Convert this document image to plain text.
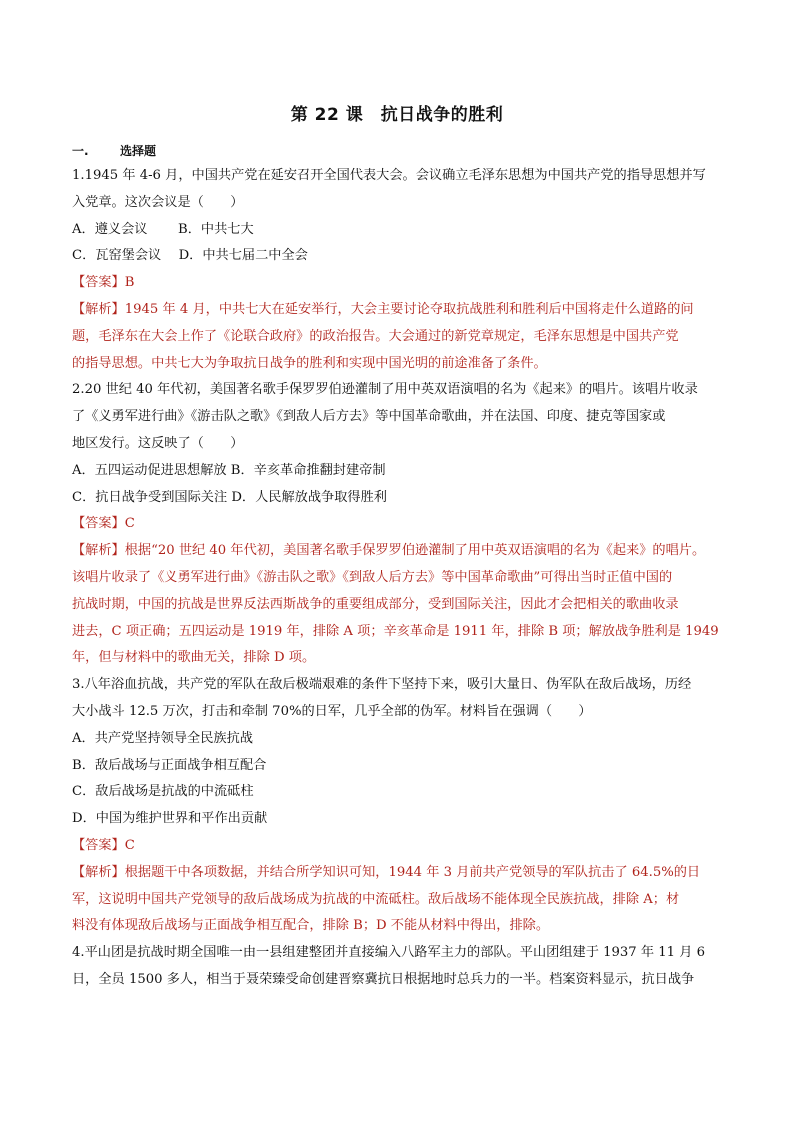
第 22 课　抗日战争的胜利
一.	选择题

1.1945 年 4-6 月，中国共产党在延安召开全国代表大会。会议确立毛泽东思想为中国共产党的指导思想并写

入党章。这次会议是（　　）

A．遵义会议　　 B．中共七大

C．瓦窑堡会议　 D．中共七届二中全会

【答案】B

【解析】1945 年 4 月，中共七大在延安举行，大会主要讨论夺取抗战胜利和胜利后中国将走什么道路的问

题，毛泽东在大会上作了《论联合政府》的政治报告。大会通过的新党章规定，毛泽东思想是中国共产党

的指导思想。中共七大为争取抗日战争的胜利和实现中国光明的前途准备了条件。

2.20 世纪 40 年代初，美国著名歌手保罗罗伯逊灌制了用中英双语演唱的名为《起来》的唱片。该唱片收录

了《义勇军进行曲》《游击队之歌》《到敌人后方去》等中国革命歌曲，并在法国、印度、捷克等国家或

地区发行。这反映了（　　）

A．五四运动促进思想解放 B．辛亥革命推翻封建帝制

C．抗日战争受到国际关注 D．人民解放战争取得胜利

【答案】C

【解析】根据“20 世纪 40 年代初，美国著名歌手保罗罗伯逊灌制了用中英双语演唱的名为《起来》的唱片。

该唱片收录了《义勇军进行曲》《游击队之歌》《到敌人后方去》等中国革命歌曲”可得出当时正值中国的

抗战时期，中国的抗战是世界反法西斯战争的重要组成部分，受到国际关注，因此才会把相关的歌曲收录

进去，C 项正确；五四运动是 1919 年，排除 A 项；辛亥革命是 1911 年，排除 B 项；解放战争胜利是 1949

年，但与材料中的歌曲无关，排除 D 项。

3.八年浴血抗战，共产党的军队在敌后极端艰难的条件下坚持下来，吸引大量日、伪军队在敌后战场，历经

大小战斗 12.5 万次，打击和牵制 70%的日军，几乎全部的伪军。材料旨在强调（　　）

A．共产党坚持领导全民族抗战

B．敌后战场与正面战争相互配合

C．敌后战场是抗战的中流砥柱

D．中国为维护世界和平作出贡献

【答案】C

【解析】根据题干中各项数据，并结合所学知识可知，1944 年 3 月前共产党领导的军队抗击了 64.5%的日

军，这说明中国共产党领导的敌后战场成为抗战的中流砥柱。敌后战场不能体现全民族抗战，排除 A；材

料没有体现敌后战场与正面战争相互配合，排除 B；D 不能从材料中得出，排除。

4.平山团是抗战时期全国唯一由一县组建整团并直接编入八路军主力的部队。平山团组建于 1937 年 11 月 6

日，全员 1500 多人，相当于聂荣臻受命创建晋察冀抗日根据地时总兵力的一半。档案资料显示，抗日战争
